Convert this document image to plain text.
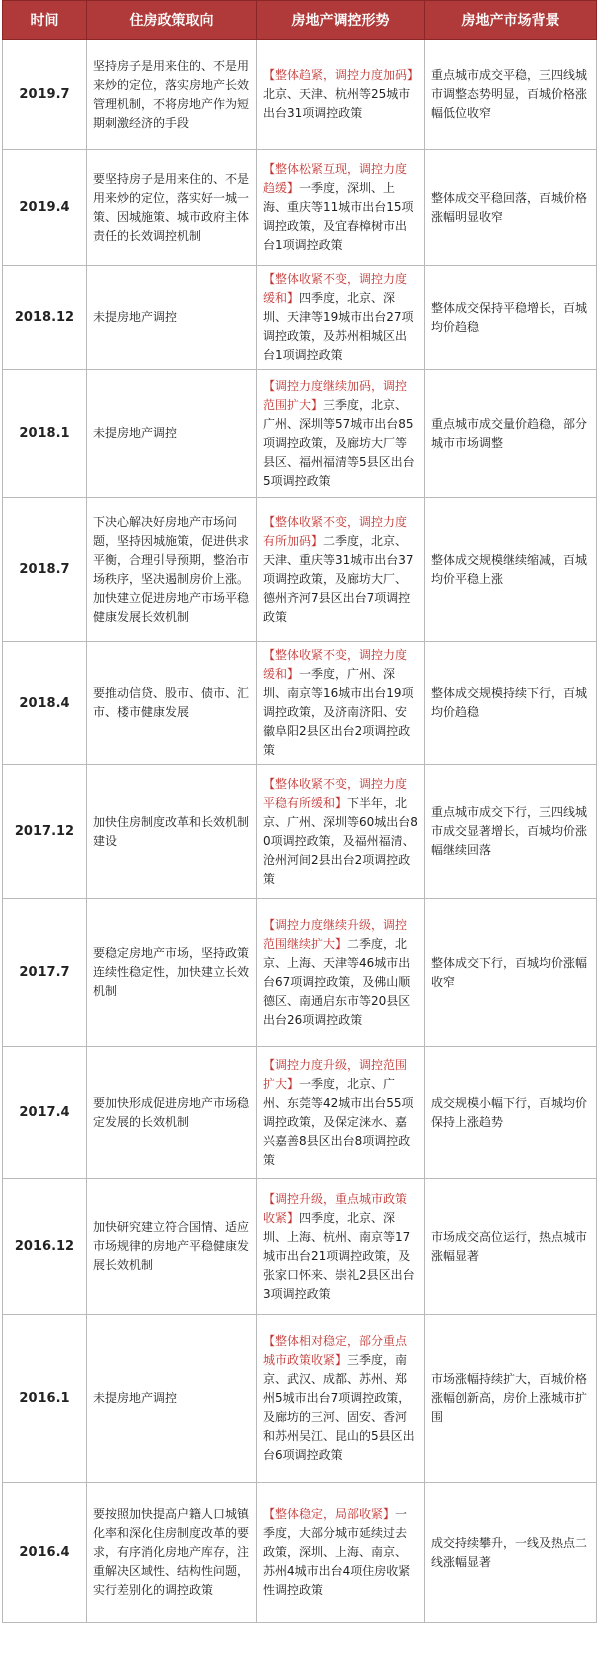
时间	住房政策取向	房地产调控形势	房地产市场背景
2019.7	坚持房子是用来住的、不是用来炒的定位，落实房地产长效管理机制，不将房地产作为短期刺激经济的手段	【整体趋紧，调控力度加码】北京、天津、杭州等25城市出台31项调控政策	重点城市成交平稳，三四线城市调整态势明显，百城价格涨幅低位收窄
2019.4	要坚持房子是用来住的、不是用来炒的定位，落实好一城一策、因城施策、城市政府主体责任的长效调控机制	【整体松紧互现，调控力度趋缓】一季度，深圳、上海、重庆等11城市出台15项调控政策，及宜春樟树市出台1项调控政策	整体成交平稳回落，百城价格涨幅明显收窄
2018.12	未提房地产调控	【整体收紧不变，调控力度缓和】四季度，北京、深圳、天津等19城市出台27项调控政策，及苏州相城区出台1项调控政策	整体成交保持平稳增长，百城均价趋稳
2018.1	未提房地产调控	【调控力度继续加码，调控范围扩大】三季度，北京、广州、深圳等57城市出台85项调控政策，及廊坊大厂等县区、福州福清等5县区出台5项调控政策	重点城市成交量价趋稳，部分城市市场调整
2018.7	下决心解决好房地产市场问题，坚持因城施策，促进供求平衡，合理引导预期，整治市场秩序，坚决遏制房价上涨。加快建立促进房地产市场平稳健康发展长效机制	【整体收紧不变，调控力度有所加码】二季度，北京、天津、重庆等31城市出台37项调控政策，及廊坊大厂、德州齐河7县区出台7项调控政策	整体成交规模继续缩减，百城均价平稳上涨
2018.4	要推动信贷、股市、债市、汇市、楼市健康发展	【整体收紧不变，调控力度缓和】一季度，广州、深圳、南京等16城市出台19项调控政策，及济南济阳、安徽阜阳2县区出台2项调控政策	整体成交规模持续下行，百城均价趋稳
2017.12	加快住房制度改革和长效机制建设	【整体收紧不变，调控力度平稳有所缓和】下半年，北京、广州、深圳等60城出台80项调控政策，及福州福清、沧州河间2县出台2项调控政策	重点城市成交下行，三四线城市成交显著增长，百城均价涨幅继续回落
2017.7	要稳定房地产市场，坚持政策连续性稳定性，加快建立长效机制	【调控力度继续升级，调控范围继续扩大】二季度，北京、上海、天津等46城市出台67项调控政策，及佛山顺德区、南通启东市等20县区出台26项调控政策	整体成交下行，百城均价涨幅收窄
2017.4	要加快形成促进房地产市场稳定发展的长效机制	【调控力度升级，调控范围扩大】一季度，北京、广州、东莞等42城市出台55项调控政策，及保定涞水、嘉兴嘉善8县区出台8项调控政策	成交规模小幅下行，百城均价保持上涨趋势
2016.12	加快研究建立符合国情、适应市场规律的房地产平稳健康发展长效机制	【调控升级，重点城市政策收紧】四季度，北京、深圳、上海、杭州、南京等17城市出台21项调控政策，及张家口怀来、崇礼2县区出台3项调控政策	市场成交高位运行，热点城市涨幅显著
2016.1	未提房地产调控	【整体相对稳定，部分重点城市政策收紧】三季度，南京、武汉、成都、苏州、郑州5城市出台7项调控政策，及廊坊的三河、固安、香河和苏州吴江、昆山的5县区出台6项调控政策	市场涨幅持续扩大，百城价格涨幅创新高，房价上涨城市扩围
2016.4	要按照加快提高户籍人口城镇化率和深化住房制度改革的要求，有序消化房地产库存，注重解决区域性、结构性问题，实行差别化的调控政策	【整体稳定，局部收紧】一季度，大部分城市延续过去政策，深圳、上海、南京、苏州4城市出台4项住房收紧性调控政策	成交持续攀升，一线及热点二线涨幅显著
